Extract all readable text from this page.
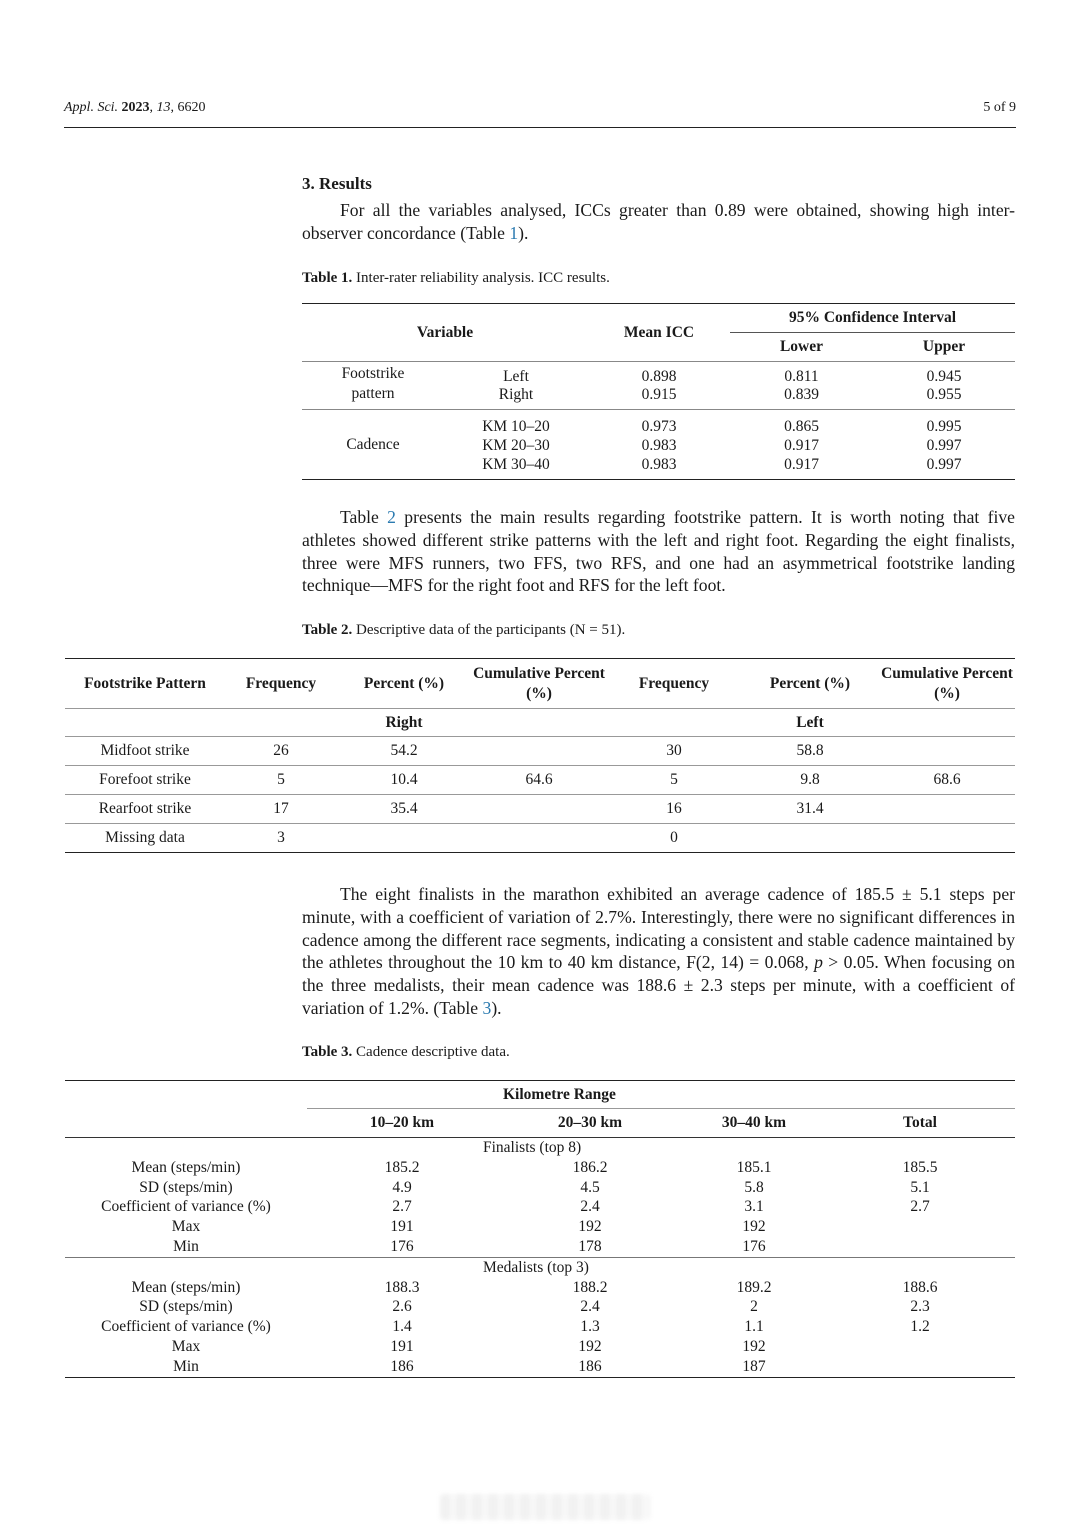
Appl. Sci. 2023, 13, 6620	5 of 9
3. Results

For all the variables analysed, ICCs greater than 0.89 were obtained, showing high inter-observer concordance (Table 1).

Table 1. Inter-rater reliability analysis. ICC results.
Variable		Mean ICC	95% Confidence Interval	
			Lower	Upper
Footstrike
pattern	Left	0.898	0.811	0.945
	Right	0.915	0.839	0.955
Cadence	KM 10–20	0.973	0.865	0.995
	KM 20–30	0.983	0.917	0.997
	KM 30–40	0.983	0.917	0.997

Table 2 presents the main results regarding footstrike pattern. It is worth noting that five athletes showed different strike patterns with the left and right foot. Regarding the eight finalists, three were MFS runners, two FFS, two RFS, and one had an asymmetrical footstrike landing technique—MFS for the right foot and RFS for the left foot.

Table 2. Descriptive data of the participants (N = 51).
Footstrike Pattern	Frequency	Percent (%)	Cumulative Percent (%)	Frequency	Percent (%)	Cumulative Percent (%)
		Right			Left	
Midfoot strike	26	54.2		30	58.8	
Forefoot strike	5	10.4	64.6	5	9.8	68.6
Rearfoot strike	17	35.4		16	31.4	
Missing data	3			0		

The eight finalists in the marathon exhibited an average cadence of 185.5 ± 5.1 steps per minute, with a coefficient of variation of 2.7%. Interestingly, there were no significant differences in cadence among the different race segments, indicating a consistent and stable cadence maintained by the athletes throughout the 10 km to 40 km distance, F(2, 14) = 0.068, p > 0.05. When focusing on the three medalists, their mean cadence was 188.6 ± 2.3 steps per minute, with a coefficient of variation of 1.2%. (Table 3).

Table 3. Cadence descriptive data.
	Kilometre Range			
	10–20 km	20–30 km	30–40 km	Total
Finalists (top 8)				
Mean (steps/min)	185.2	186.2	185.1	185.5
SD (steps/min)	4.9	4.5	5.8	5.1
Coefficient of variance (%)	2.7	2.4	3.1	2.7
Max	191	192	192	
Min	176	178	176	
Medalists (top 3)				
Mean (steps/min)	188.3	188.2	189.2	188.6
SD (steps/min)	2.6	2.4	2	2.3
Coefficient of variance (%)	1.4	1.3	1.1	1.2
Max	191	192	192	
Min	186	186	187	
